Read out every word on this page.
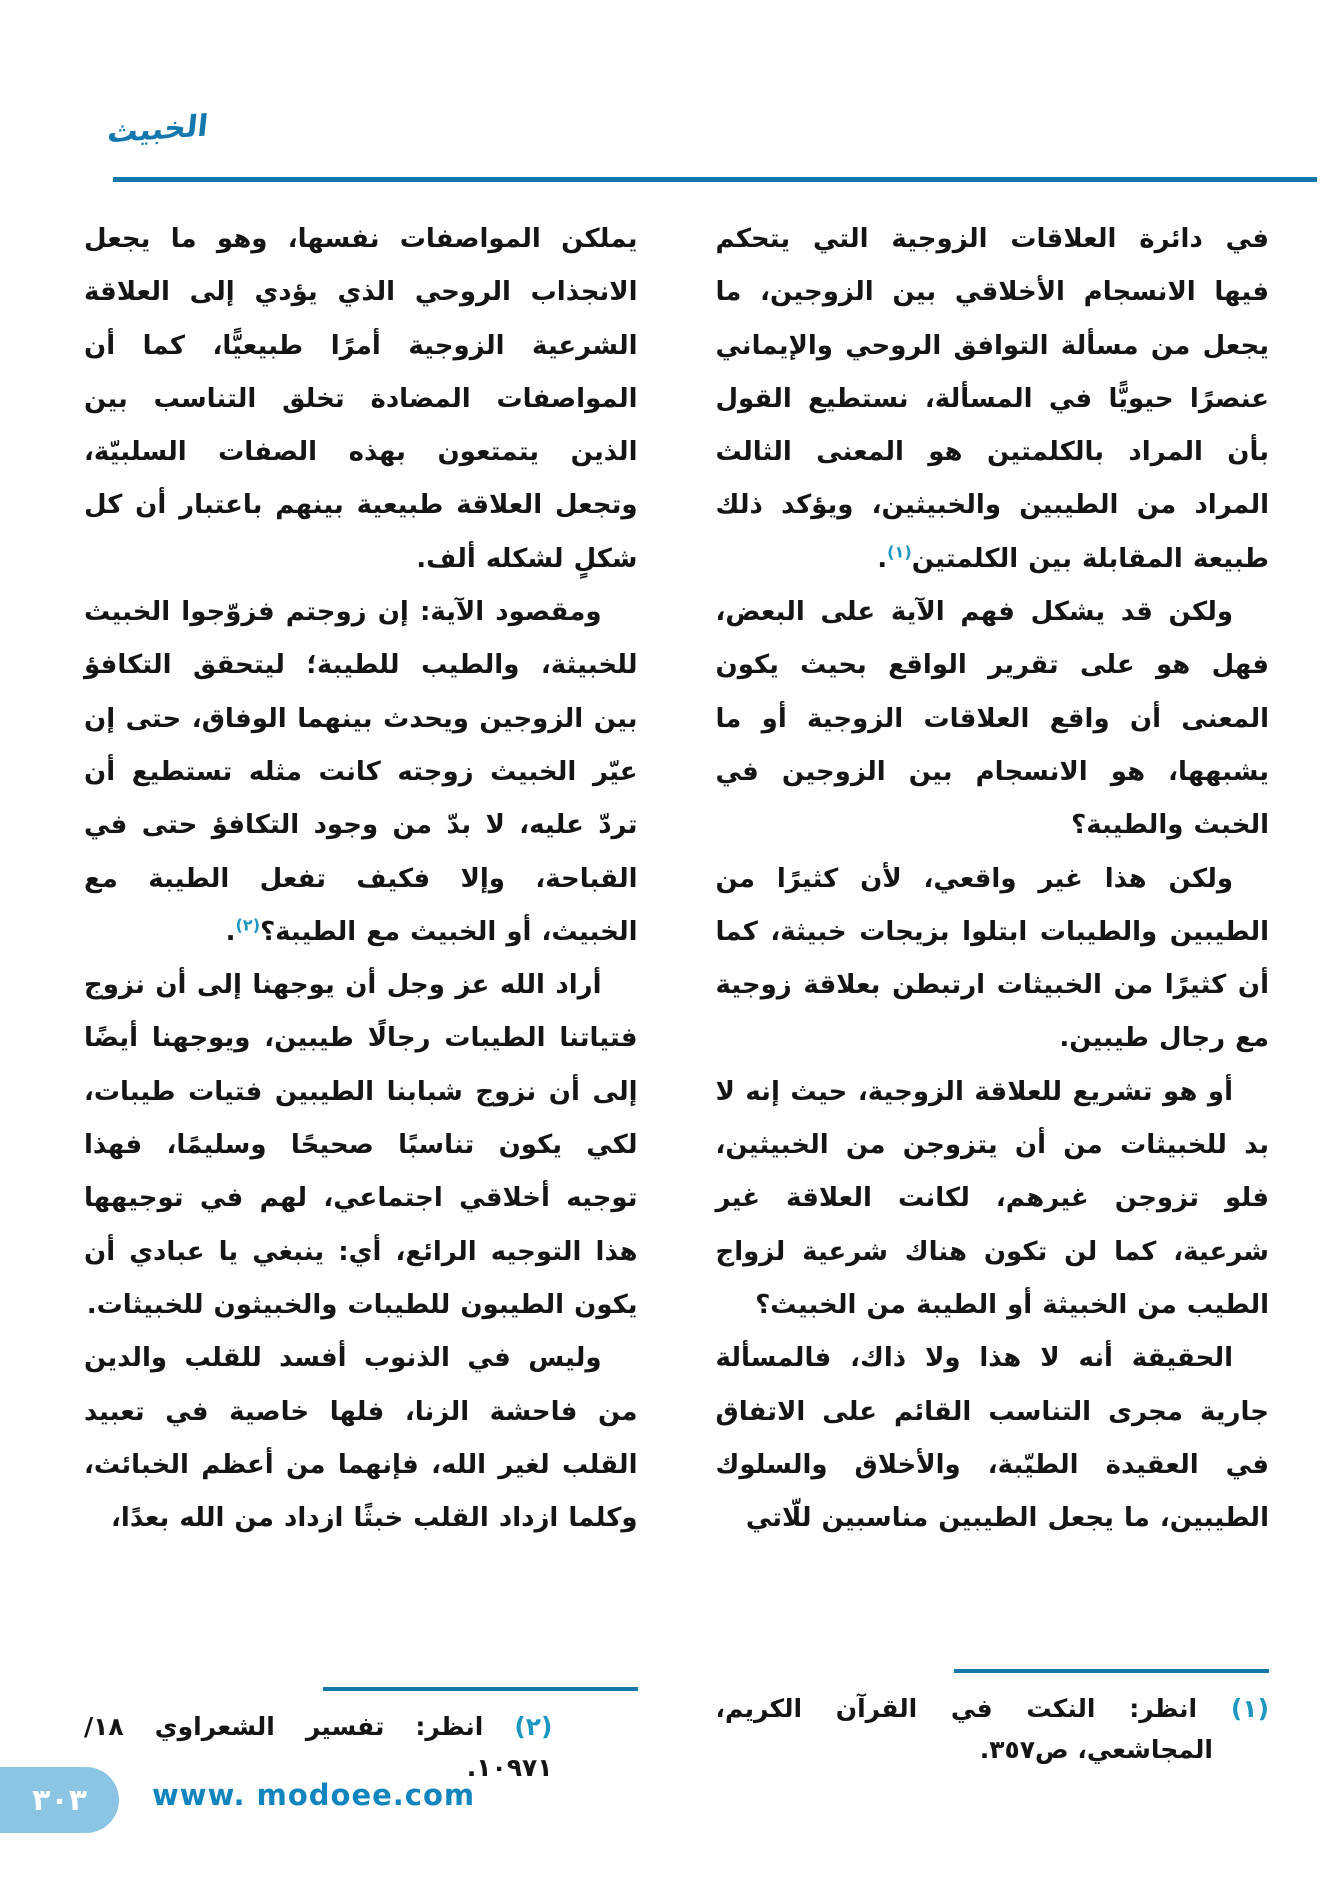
الخبيث

في دائرة العلاقات الزوجية التي يتحكم فيها الانسجام الأخلاقي بين الزوجين، ما يجعل من مسألة التوافق الروحي والإيماني عنصرًا حيويًّا في المسألة، نستطيع القول بأن المراد بالكلمتين هو المعنى الثالث المراد من الطيبين والخبيثين، ويؤكد ذلك طبيعة المقابلة بين الكلمتين$^{(١)}$.

ولكن قد يشكل فهم الآية على البعض، فهل هو على تقرير الواقع بحيث يكون المعنى أن واقع العلاقات الزوجية أو ما يشبهها، هو الانسجام بين الزوجين في الخبث والطيبة؟

ولكن هذا غير واقعي، لأن كثيرًا من الطيبين والطيبات ابتلوا بزيجات خبيثة، كما أن كثيرًا من الخبيثات ارتبطن بعلاقة زوجية مع رجال طيبين.

أو هو تشريع للعلاقة الزوجية، حيث إنه لا بد للخبيثات من أن يتزوجن من الخبيثين، فلو تزوجن غيرهم، لكانت العلاقة غير شرعية، كما لن تكون هناك شرعية لزواج الطيب من الخبيثة أو الطيبة من الخبيث؟

الحقيقة أنه لا هذا ولا ذاك، فالمسألة جارية مجرى التناسب القائم على الاتفاق في العقيدة الطيّبة، والأخلاق والسلوك الطيبين، ما يجعل الطيبين مناسبين للّاتي

(١) انظر: النكت في القرآن الكريم، المجاشعي، ص٣٥٧.

يملكن المواصفات نفسها، وهو ما يجعل الانجذاب الروحي الذي يؤدي إلى العلاقة الشرعية الزوجية أمرًا طبيعيًّا، كما أن المواصفات المضادة تخلق التناسب بين الذين يتمتعون بهذه الصفات السلبيّة، وتجعل العلاقة طبيعية بينهم باعتبار أن كل شكلٍ لشكله ألف.

ومقصود الآية: إن زوجتم فزوّجوا الخبيث للخبيثة، والطيب للطيبة؛ ليتحقق التكافؤ بين الزوجين ويحدث بينهما الوفاق، حتى إن عيّر الخبيث زوجته كانت مثله تستطيع أن تردّ عليه، لا بدّ من وجود التكافؤ حتى في القباحة، وإلا فكيف تفعل الطيبة مع الخبيث، أو الخبيث مع الطيبة؟$^{(٢)}$.

أراد الله عز وجل أن يوجهنا إلى أن نزوج فتياتنا الطيبات رجالًا طيبين، ويوجهنا أيضًا إلى أن نزوج شبابنا الطيبين فتيات طيبات، لكي يكون تناسبًا صحيحًا وسليمًا، فهذا توجيه أخلاقي اجتماعي، لهم في توجيهها هذا التوجيه الرائع، أي: ينبغي يا عبادي أن يكون الطيبون للطيبات والخبيثون للخبيثات.

وليس في الذنوب أفسد للقلب والدين من فاحشة الزنا، فلها خاصية في تعبيد القلب لغير الله، فإنهما من أعظم الخبائث، وكلما ازداد القلب خبثًا ازداد من الله بعدًا،

(٢) انظر: تفسير الشعراوي ١٨/ ١٠٩٧١.

٣٠٣ www. modoee.com
